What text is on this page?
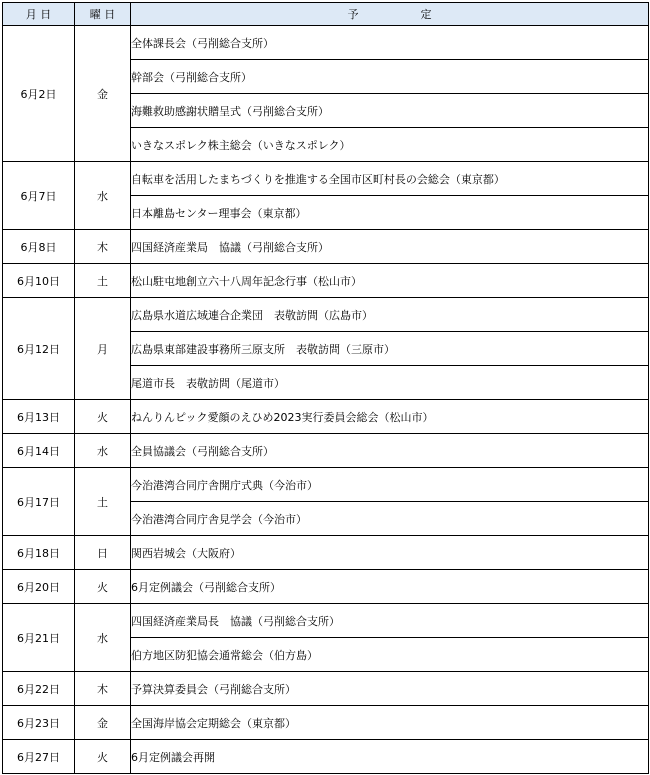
月 日	曜 日	予 定
6月2日	金	全体課長会（弓削総合支所）
		幹部会（弓削総合支所）
		海難救助感謝状贈呈式（弓削総合支所）
		いきなスポレク株主総会（いきなスポレク）
6月7日	水	自転車を活用したまちづくりを推進する全国市区町村長の会総会（東京都）
		日本離島センター理事会（東京都）
6月8日	木	四国経済産業局　協議（弓削総合支所）
6月10日	土	松山駐屯地創立六十八周年記念行事（松山市）
6月12日	月	広島県水道広域連合企業団　表敬訪問（広島市）
		広島県東部建設事務所三原支所　表敬訪問（三原市）
		尾道市長　表敬訪問（尾道市）
6月13日	火	ねんりんピック愛顔のえひめ2023実行委員会総会（松山市）
6月14日	水	全員協議会（弓削総合支所）
6月17日	土	今治港湾合同庁舎開庁式典（今治市）
		今治港湾合同庁舎見学会（今治市）
6月18日	日	関西岩城会（大阪府）
6月20日	火	6月定例議会（弓削総合支所）
6月21日	水	四国経済産業局長　協議（弓削総合支所）
		伯方地区防犯協会通常総会（伯方島）
6月22日	木	予算決算委員会（弓削総合支所）
6月23日	金	全国海岸協会定期総会（東京都）
6月27日	火	6月定例議会再開
